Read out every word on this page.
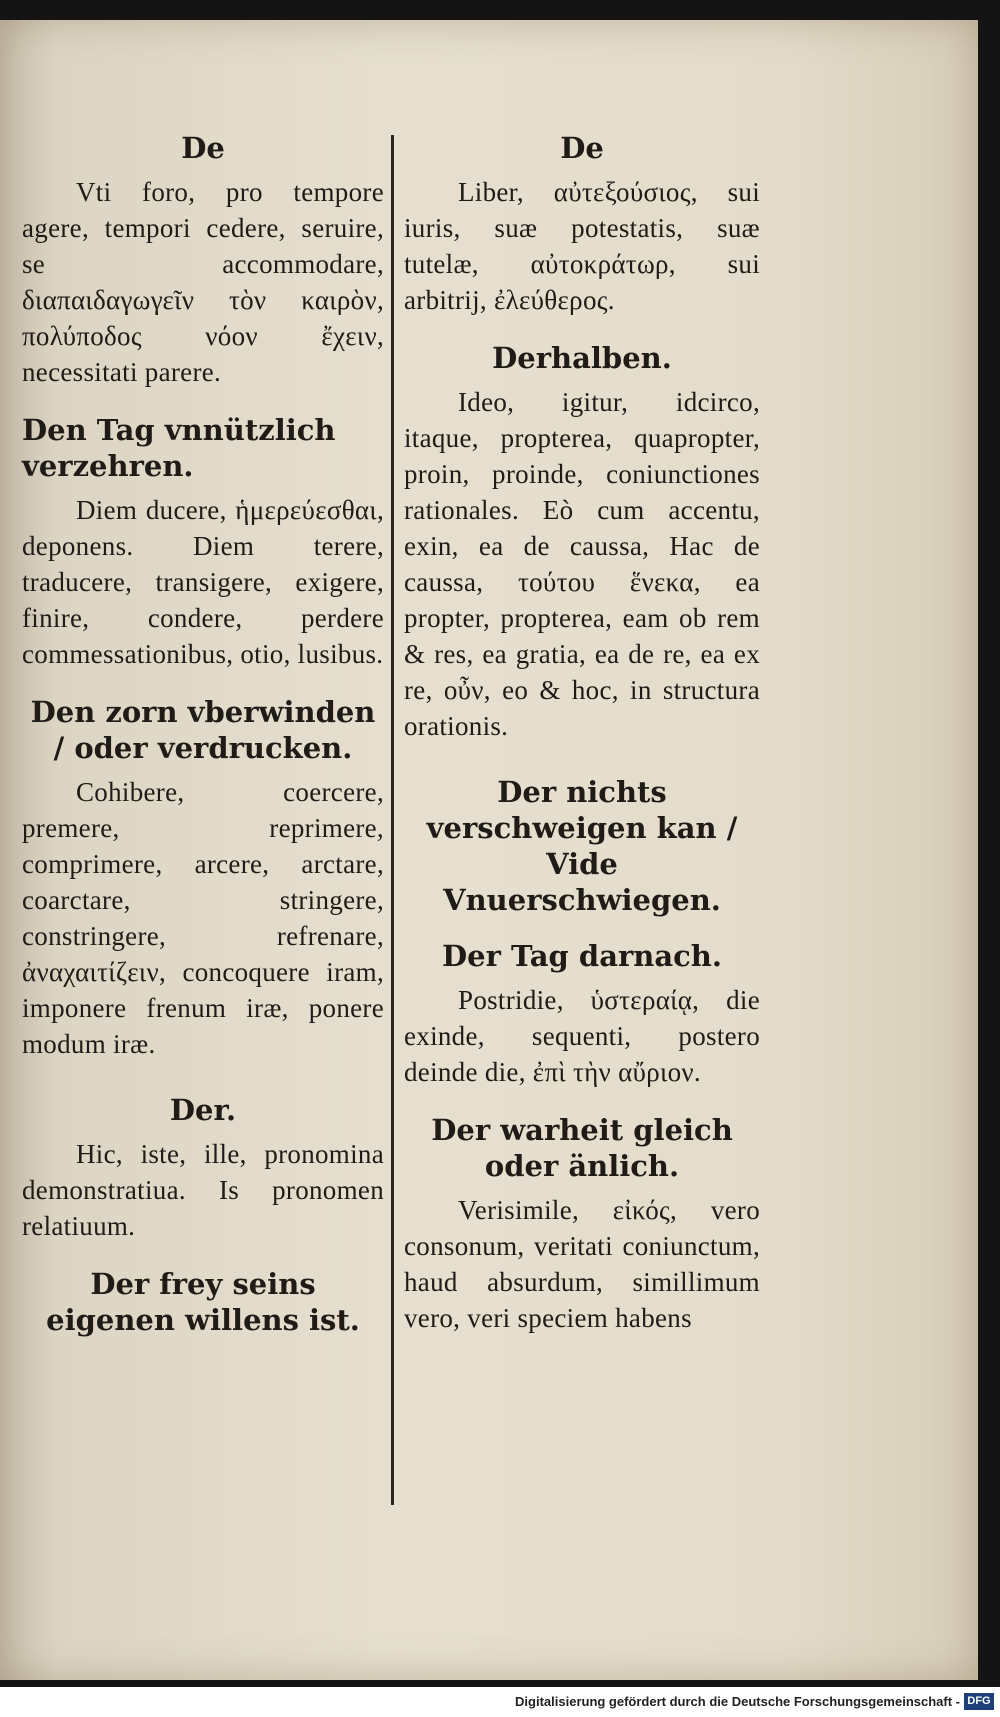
De

Vti foro, pro tempore agere, tempori cedere, seruire, se accommodare, διαπαιδαγωγεῖν τὸν καιρὸν, πολύποδος νόον ἔχειν, necessitati parere.

Den Tag vnnützlich verzehren.

Diem ducere, ἡμερεύεσθαι, deponens. Diem terere, traducere, transigere, exigere, finire, condere, perdere commessationibus, otio, lusibus.

Den zorn vberwinden / oder verdrucken.

Cohibere, coercere, premere, reprimere, comprimere, arcere, arctare, coarctare, stringere, constringere, refrenare, ἀναχαιτίζειν, concoquere iram, imponere frenum iræ, ponere modum iræ.

Der.

Hic, iste, ille, pronomina demonstratiua. Is pronomen relatiuum.

Der frey seins eigenen willens ist.
De

Liber, αὐτεξούσιος, sui iuris, suæ potestatis, suæ tutelæ, αὐτοκράτωρ, sui arbitrij, ἐλεύθερος.

Derhalben.

Ideo, igitur, idcirco, itaque, propterea, quapropter, proin, proinde, coniunctiones rationales. Eò cum accentu, exin, ea de caussa, Hac de caussa, τούτου ἕνεκα, ea propter, propterea, eam ob rem & res, ea gratia, ea de re, ea ex re, οὖν, eo & hoc, in structura orationis.

Der nichts verschweigen kan / Vide Vnuerschwiegen.
Der Tag darnach.

Postridie, ὑστεραίᾳ, die exinde, sequenti, postero deinde die, ἐπὶ τὴν αὔριον.

Der warheit gleich oder änlich.

Verisimile, εἰκός, vero consonum, veritati coniunctum, haud absurdum, simillimum vero, veri speciem habens

Digitalisierung gefördert durch die Deutsche Forschungsgemeinschaft - DFG
